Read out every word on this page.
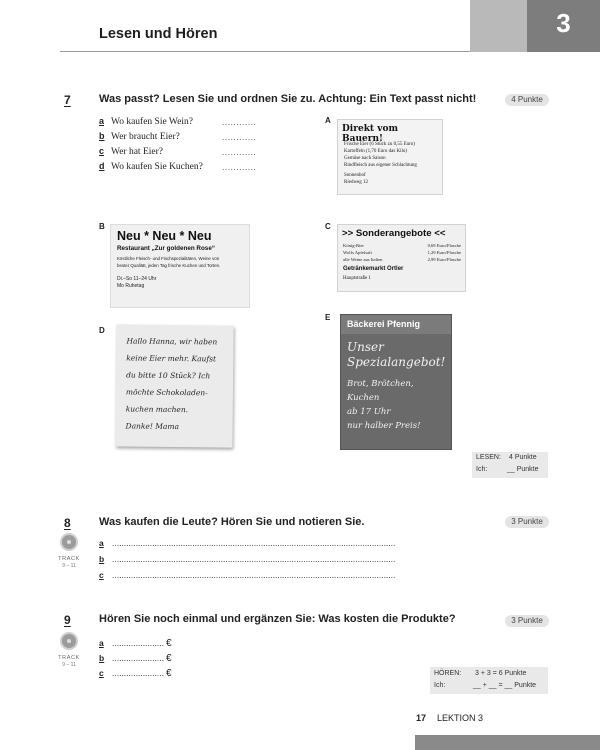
Lesen und Hören	3
7	Was passt? Lesen Sie und ordnen Sie zu. Achtung: Ein Text passt nicht!	4 Punkte
a Wo kaufen Sie Wein?	............
b Wer braucht Eier?	............
c Wer hat Eier?	............
d Wo kaufen Sie Kuchen? ............
A
Direkt vom Bauern!
Frische Eier (6 Stück zu 0,55 Euro)
Kartoffeln (1,70 Euro das Kilo)
Gemüse nach Saison
Rindfleisch aus eigener Schlachtung
Sonnenhof
Riedweg 12
B
Neu * Neu * Neu
Restaurant „Zur goldenen Rose“
Köstliche Fleisch- und Fischspezialitäten, Weine von
bester Qualität, jeden Tag frische Kuchen und Torten.
Di.–So 11–24 Uhr
Mo Ruhetag
C
>> Sonderangebote <<
König-Bier	0,69 Euro/Flasche
Wolfs Apfelsaft	1,29 Euro/Flasche
alle Weine aus Italien	2,99 Euro/Flasche
Getränkemarkt Ortler
Hauptstraße 1
D
Hallo Hanna, wir haben
keine Eier mehr. Kaufst
du bitte 10 Stück? Ich
möchte Schokoladen-
kuchen machen.
Danke! Mama
E
Bäckerei Pfennig
Unser
Spezialangebot!
Brot, Brötchen,
Kuchen
ab 17 Uhr
nur halber Preis!
LESEN: 4 Punkte
Ich:	__ Punkte
8	Was kaufen die Leute? Hören Sie und notieren Sie.	3 Punkte
TRACK
9 – 11
a ........................................................................................................................
b ........................................................................................................................
c ........................................................................................................................
9	Hören Sie noch einmal und ergänzen Sie: Was kosten die Produkte?	3 Punkte
TRACK
9 – 11
a ...................... €
b ...................... €
c ...................... €	HÖREN: 3 + 3 = 6 Punkte
Ich:	__ + __ = __ Punkte
17 LEKTION 3
